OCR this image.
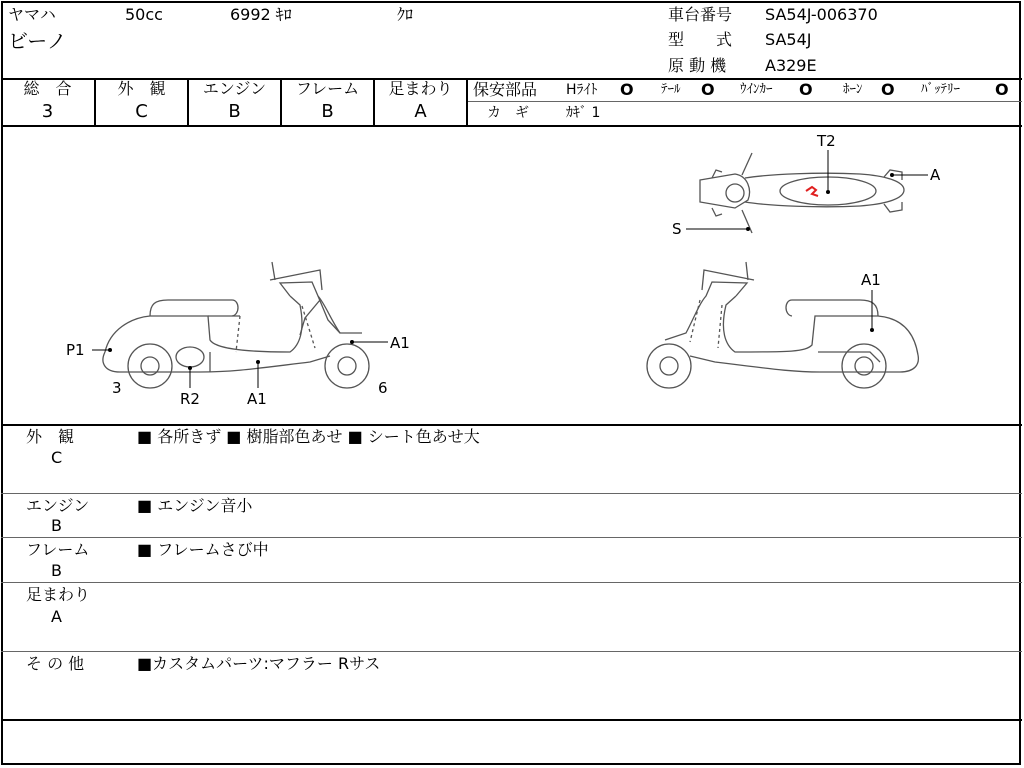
ヤマハ	50cc	6992 ｷﾛ	ｸﾛ
ビーノ
車台番号 SA54J-006370
型　　式 SA54J
原 動 機 A329E
総　合
3
外　観
C
エンジン
B
フレーム
B
足まわり
A
保安部品 Hﾗｲﾄ O ﾃｰﾙ O ｳｲﾝｶｰ O ﾎｰﾝ O ﾊﾞｯﾃﾘｰ O
カ　ギ	ｶｷﾞ 1
T2
A
S
P1	A1
3
R2	A1
6
A1
外　観
C
■ 各所きず ■ 樹脂部色あせ ■ シート色あせ大
エンジン
B
■ エンジン音小
フレーム
B
■ フレームさび中
足まわり
A
そ の 他	■カスタムパーツ:マフラー Rサス
